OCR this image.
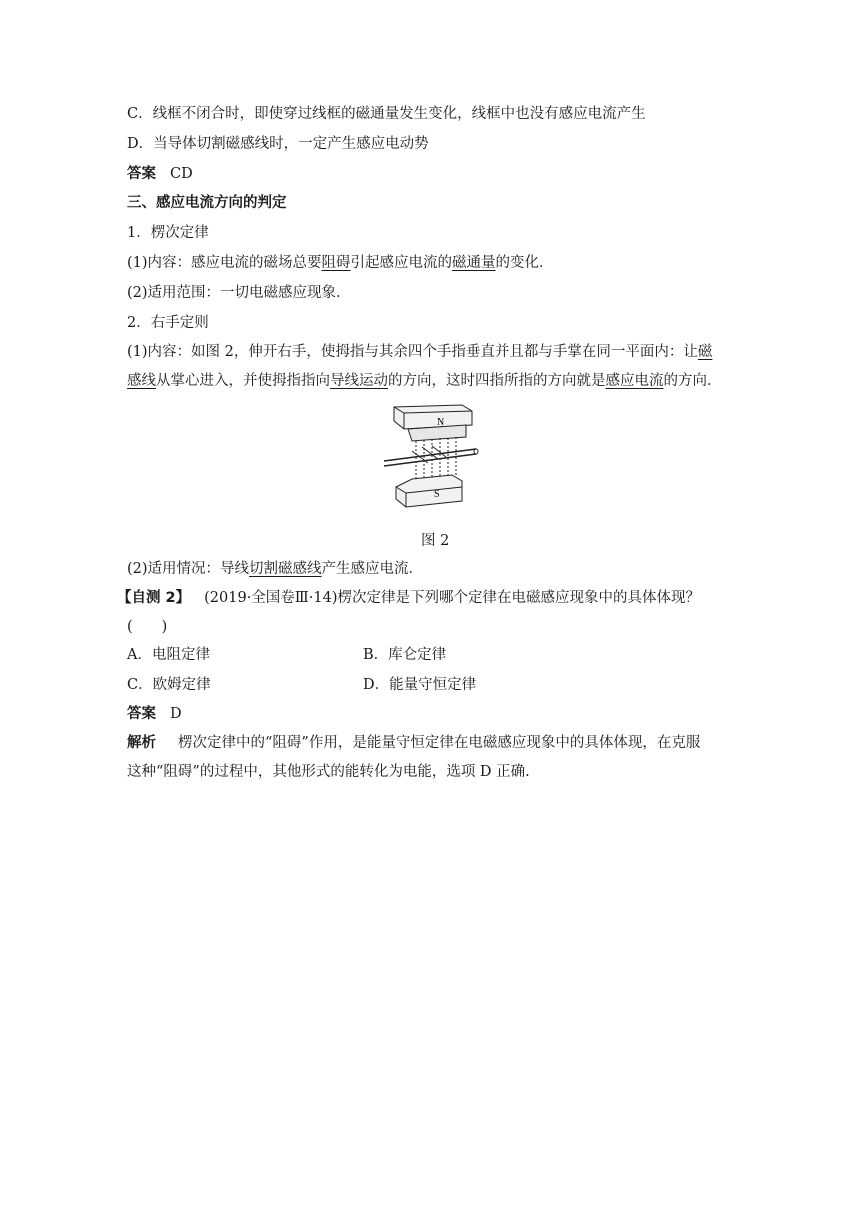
C．线框不闭合时，即使穿过线框的磁通量发生变化，线框中也没有感应电流产生
D．当导体切割磁感线时，一定产生感应电动势
答案 CD
三、感应电流方向的判定
1．楞次定律
(1)内容：感应电流的磁场总要阻碍引起感应电流的磁通量的变化．
(2)适用范围：一切电磁感应现象．
2．右手定则
(1)内容：如图 2，伸开右手，使拇指与其余四个手指垂直并且都与手掌在同一平面内：让磁
感线从掌心进入，并使拇指指向导线运动的方向，这时四指所指的方向就是感应电流的方向．
N
S
图 2
(2)适用情况：导线切割磁感线产生感应电流．
【自测 2】 (2019·全国卷Ⅲ·14)楞次定律是下列哪个定律在电磁感应现象中的具体体现？
(　　)
A．电阻定律	B．库仑定律
C．欧姆定律	D．能量守恒定律
答案 D
解析 楞次定律中的“阻碍”作用，是能量守恒定律在电磁感应现象中的具体体现，在克服
这种“阻碍”的过程中，其他形式的能转化为电能，选项 D 正确.
